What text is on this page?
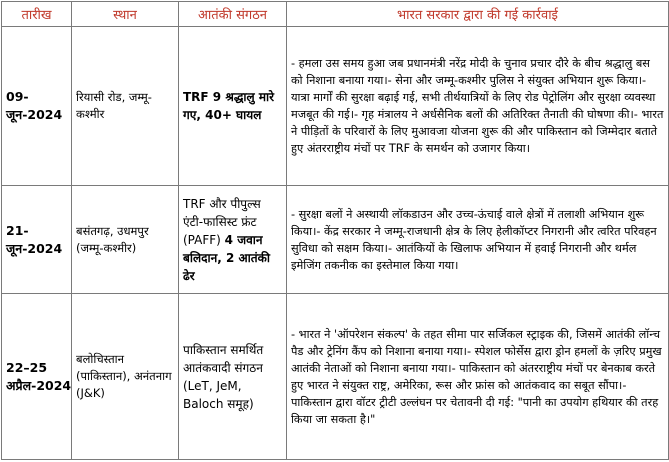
तारीख	स्थान	आतंकी संगठन	भारत सरकार द्वारा की गई कार्रवाई
09-जून-2024	रियासी रोड, जम्मू-कश्मीर	TRF 9 श्रद्धालु मारे गए, 40+ घायल	- हमला उस समय हुआ जब प्रधानमंत्री नरेंद्र मोदी के चुनाव प्रचार दौरे के बीच श्रद्धालु बस को निशाना बनाया गया।- सेना और जम्मू-कश्मीर पुलिस ने संयुक्त अभियान शुरू किया।- यात्रा मार्गों की सुरक्षा बढ़ाई गई, सभी तीर्थयात्रियों के लिए रोड पेट्रोलिंग और सुरक्षा व्यवस्था मजबूत की गई।- गृह मंत्रालय ने अर्धसैनिक बलों की अतिरिक्त तैनाती की घोषणा की।- भारत ने पीड़ितों के परिवारों के लिए मुआवजा योजना शुरू की और पाकिस्तान को जिम्मेदार बताते हुए अंतरराष्ट्रीय मंचों पर TRF के समर्थन को उजागर किया।
21-जून-2024	बसंतगढ़, उधमपुर (जम्मू-कश्मीर)	TRF और पीपुल्स एंटी-फासिस्ट फ्रंट (PAFF) 4 जवान बलिदान, 2 आतंकी ढेर	- सुरक्षा बलों ने अस्थायी लॉकडाउन और उच्च-ऊंचाई वाले क्षेत्रों में तलाशी अभियान शुरू किया।- केंद्र सरकार ने जम्मू-राजधानी क्षेत्र के लिए हेलीकॉप्टर निगरानी और त्वरित परिवहन सुविधा को सक्षम किया।- आतंकियों के खिलाफ अभियान में हवाई निगरानी और थर्मल इमेजिंग तकनीक का इस्तेमाल किया गया।
22–25 अप्रैल-2024	बलोचिस्तान (पाकिस्तान), अनंतनाग (J&K)	पाकिस्तान समर्थित आतंकवादी संगठन (LeT, JeM, Baloch समूह)	- भारत ने 'ऑपरेशन संकल्प' के तहत सीमा पार सर्जिकल स्ट्राइक की, जिसमें आतंकी लॉन्च पैड और ट्रेनिंग कैंप को निशाना बनाया गया।- स्पेशल फोर्सेस द्वारा ड्रोन हमलों के ज़रिए प्रमुख आतंकी नेताओं को निशाना बनाया गया।- पाकिस्तान को अंतरराष्ट्रीय मंचों पर बेनकाब करते हुए भारत ने संयुक्त राष्ट्र, अमेरिका, रूस और फ्रांस को आतंकवाद का सबूत सौंपा।- पाकिस्तान द्वारा वॉटर ट्रीटी उल्लंघन पर चेतावनी दी गई: "पानी का उपयोग हथियार की तरह किया जा सकता है।"
